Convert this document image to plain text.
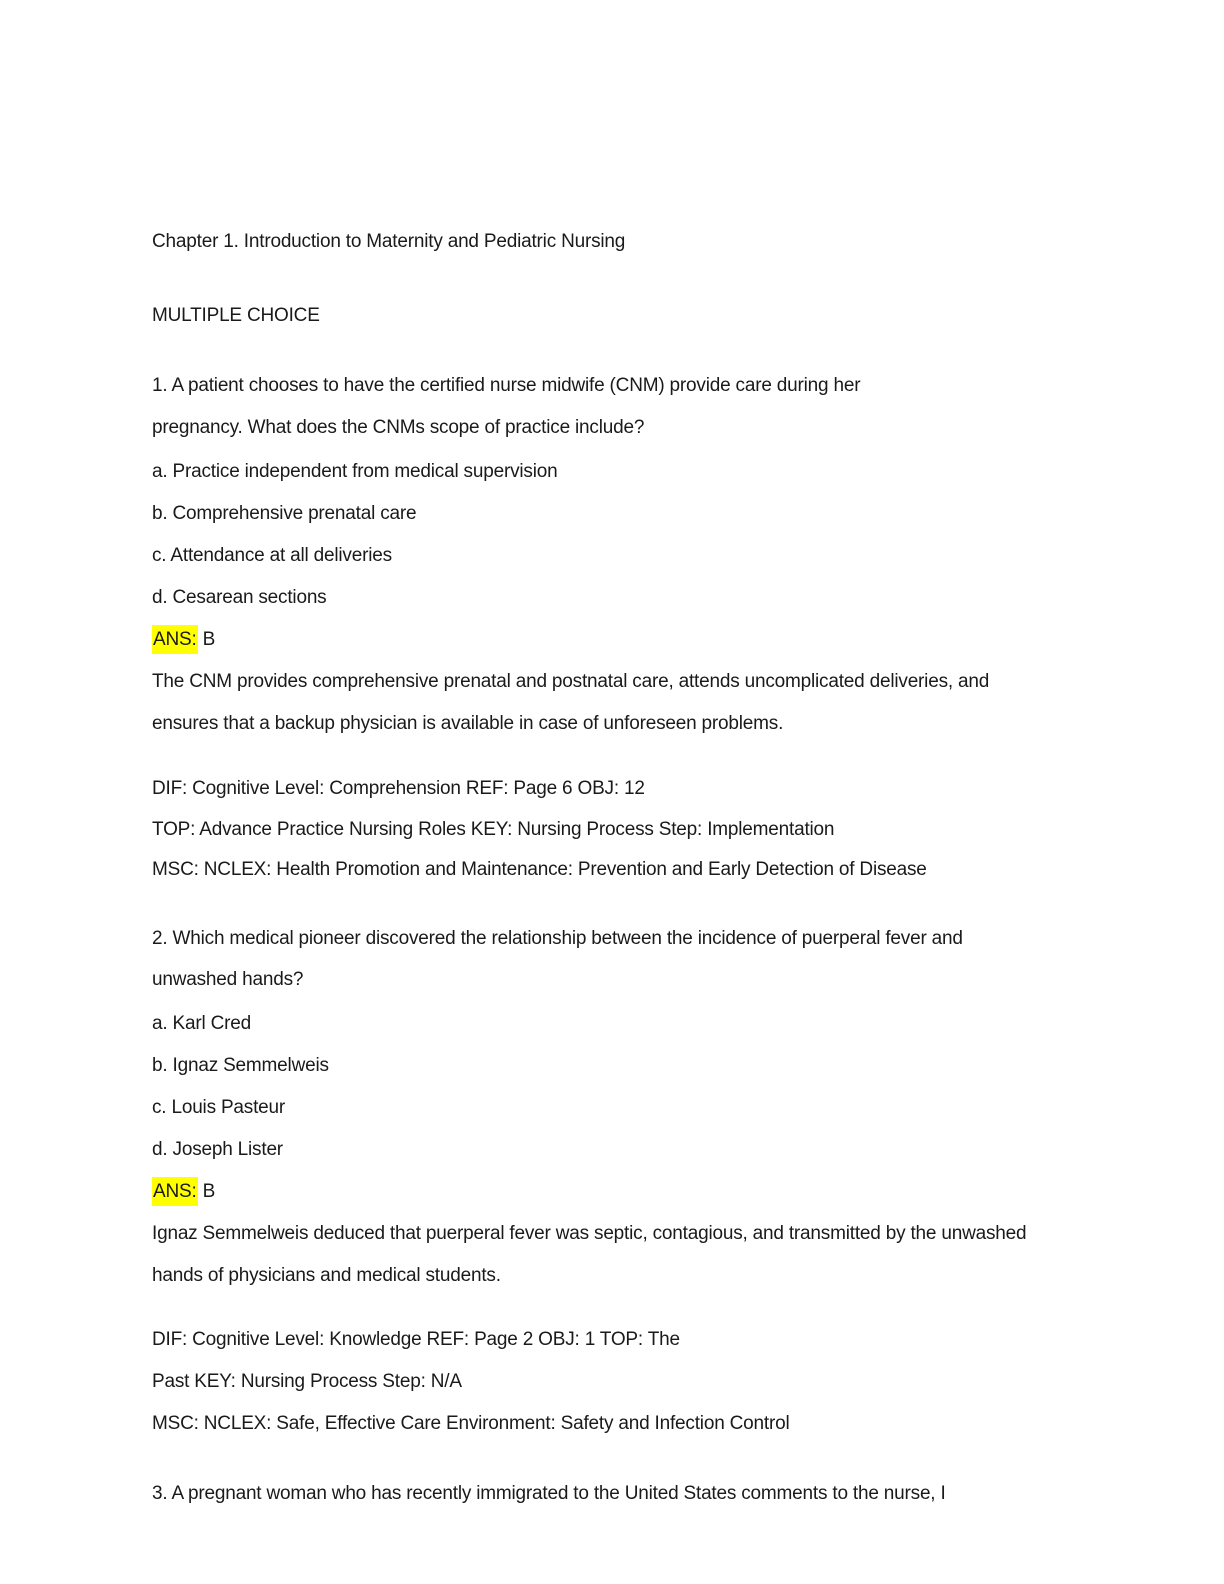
Chapter 1. Introduction to Maternity and Pediatric Nursing
MULTIPLE CHOICE
1. A patient chooses to have the certified nurse midwife (CNM) provide care during her
pregnancy. What does the CNMs scope of practice include?
a. Practice independent from medical supervision
b. Comprehensive prenatal care
c. Attendance at all deliveries
d. Cesarean sections
ANS: B
The CNM provides comprehensive prenatal and postnatal care, attends uncomplicated deliveries, and
ensures that a backup physician is available in case of unforeseen problems.
DIF: Cognitive Level: Comprehension REF: Page 6 OBJ: 12
TOP: Advance Practice Nursing Roles KEY: Nursing Process Step: Implementation
MSC: NCLEX: Health Promotion and Maintenance: Prevention and Early Detection of Disease
2. Which medical pioneer discovered the relationship between the incidence of puerperal fever and
unwashed hands?
a. Karl Cred
b. Ignaz Semmelweis
c. Louis Pasteur
d. Joseph Lister
ANS: B
Ignaz Semmelweis deduced that puerperal fever was septic, contagious, and transmitted by the unwashed
hands of physicians and medical students.
DIF: Cognitive Level: Knowledge REF: Page 2 OBJ: 1 TOP: The
Past KEY: Nursing Process Step: N/A
MSC: NCLEX: Safe, Effective Care Environment: Safety and Infection Control
3. A pregnant woman who has recently immigrated to the United States comments to the nurse, I
